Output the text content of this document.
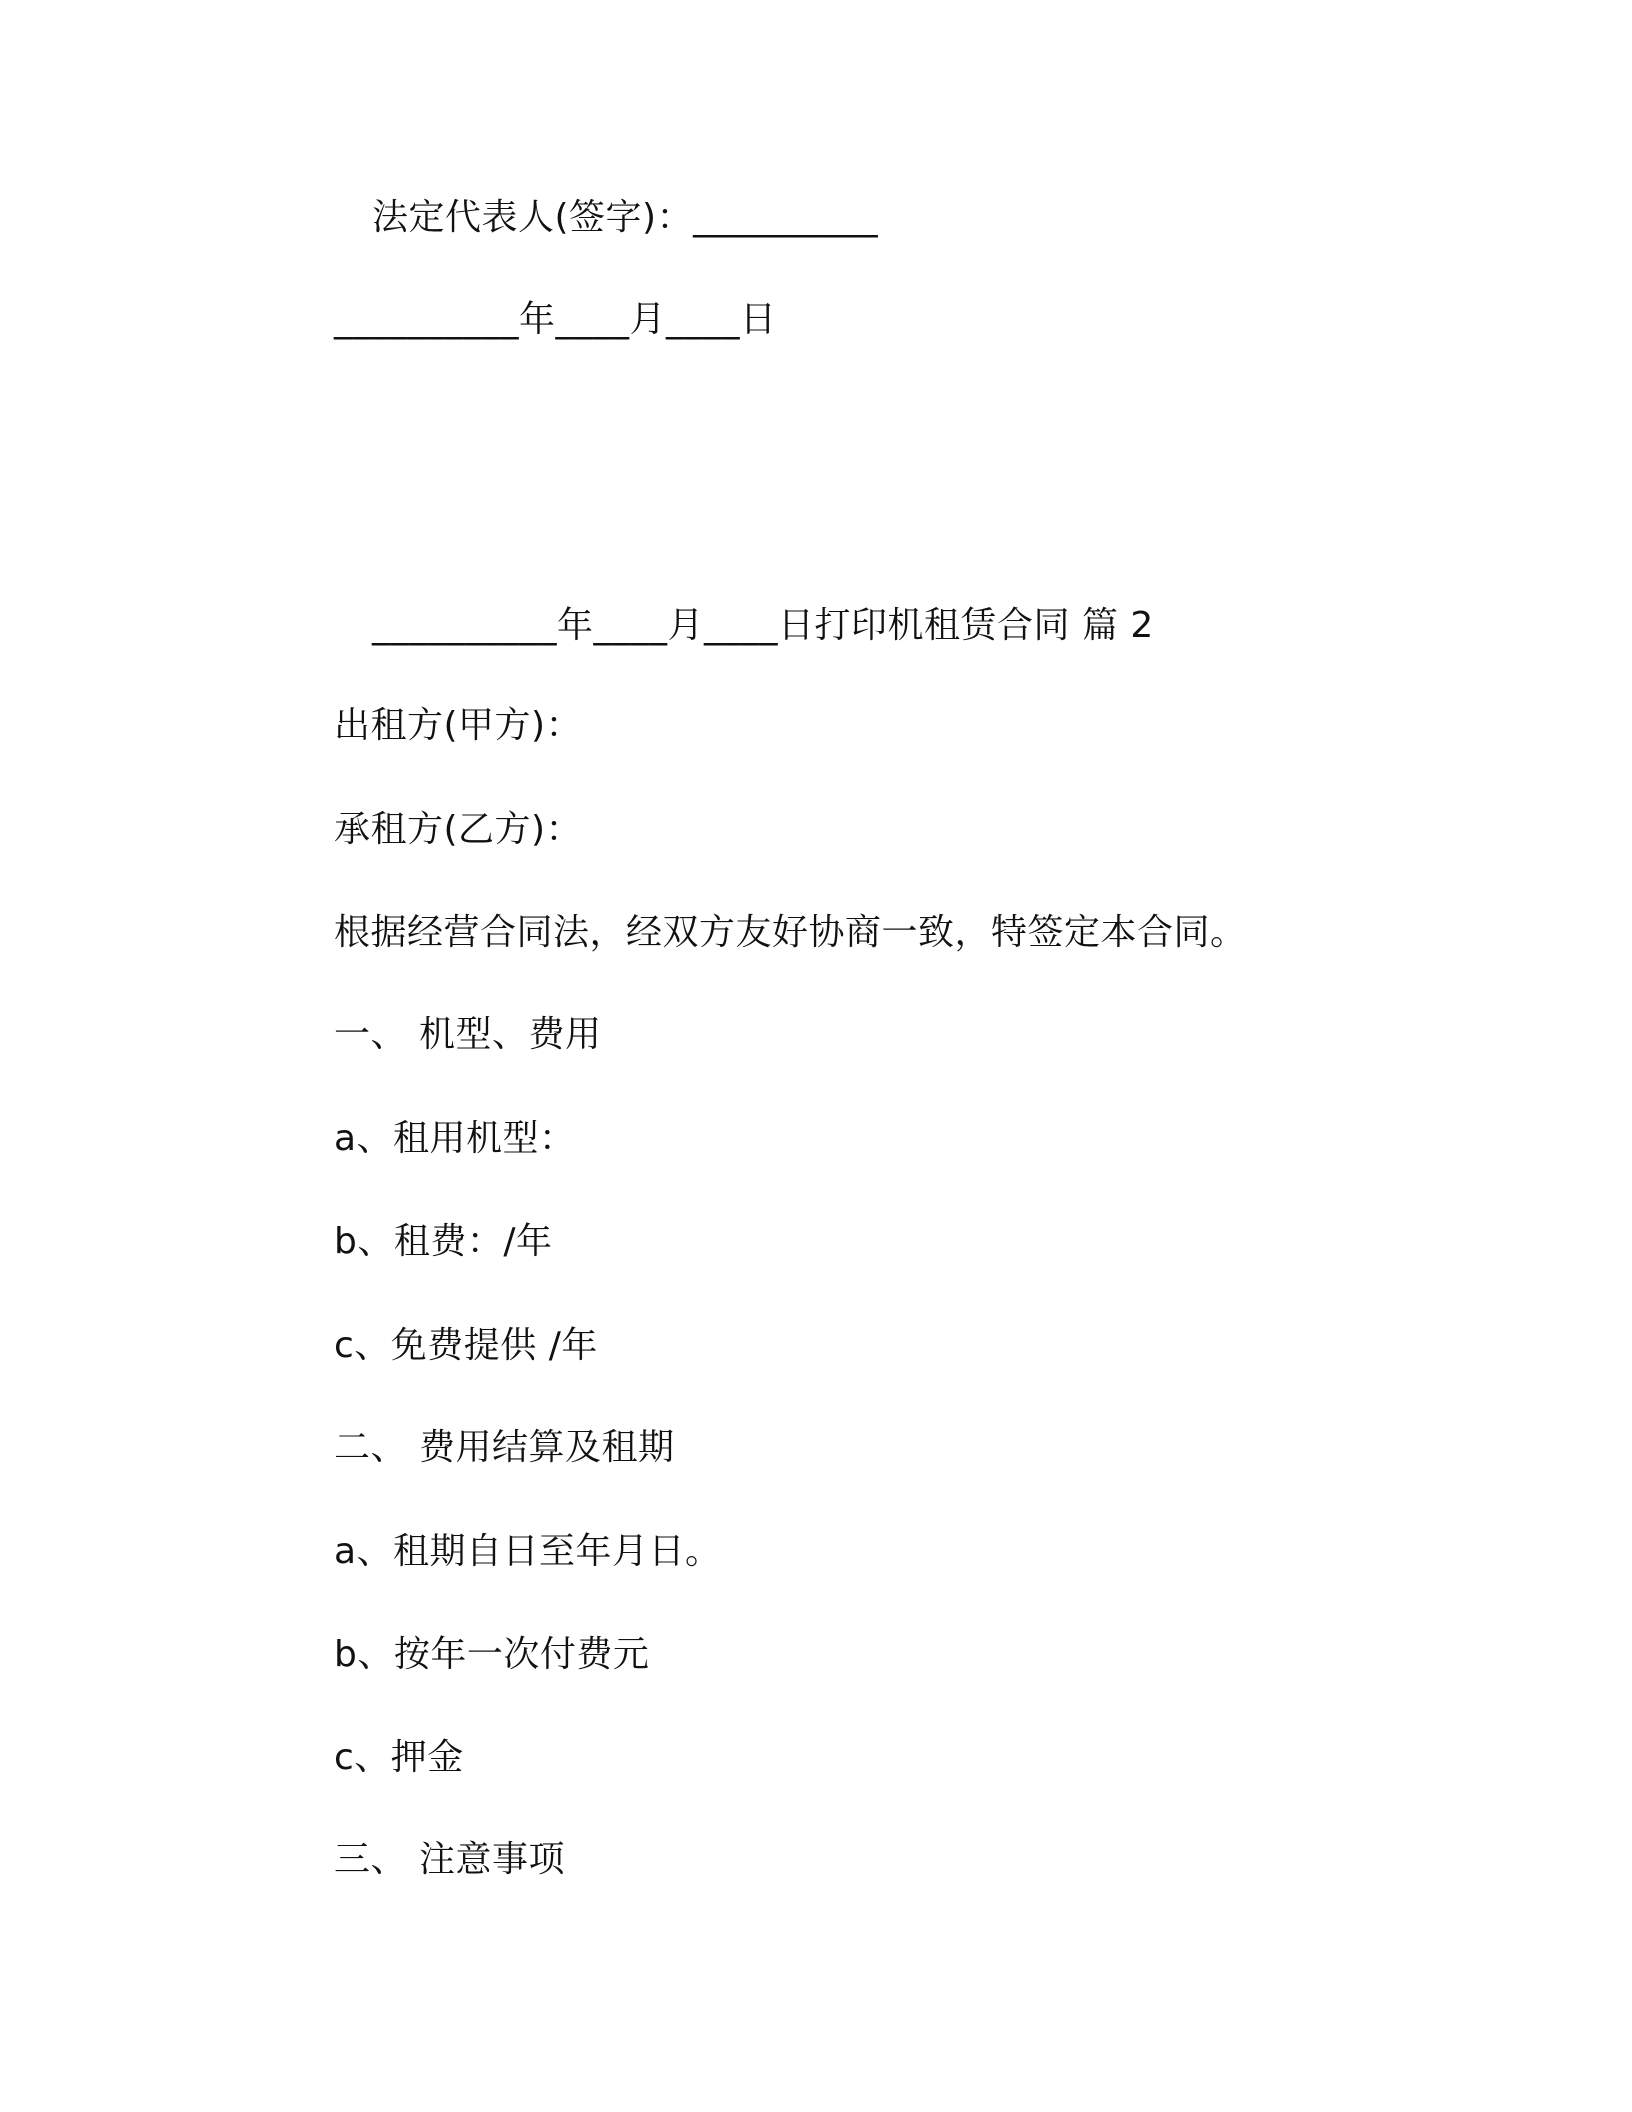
法定代表人(签字)：__________
__________年____月____日
__________年____月____日打印机租赁合同 篇 2
出租方(甲方)：
承租方(乙方)：
根据经营合同法，经双方友好协商一致，特签定本合同。
一、 机型、费用
a、租用机型：
b、租费：/年
c、免费提供 /年
二、 费用结算及租期
a、租期自日至年月日。
b、按年一次付费元
c、押金
三、 注意事项
